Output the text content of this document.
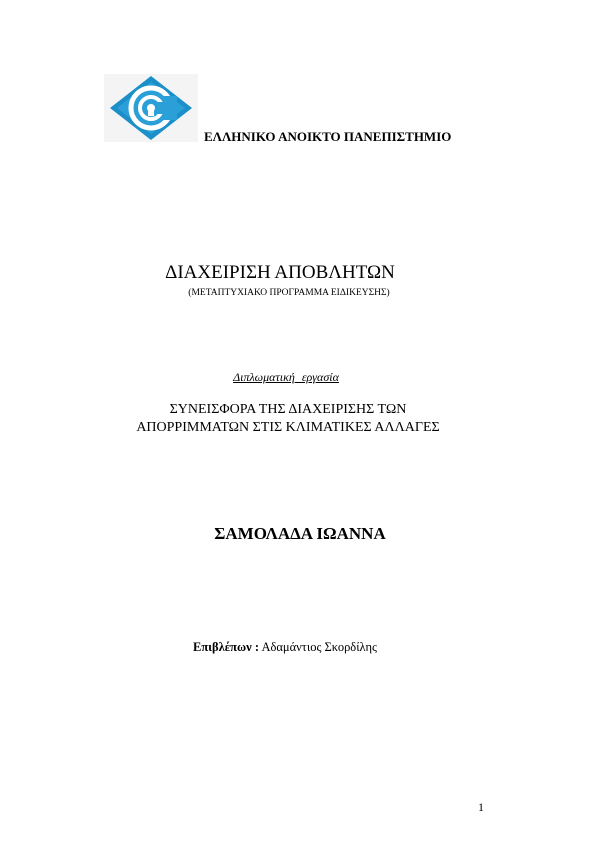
ΕΛΛΗΝΙΚΟ ΑΝΟΙΚΤΟ ΠΑΝΕΠΙΣΤΗΜΙΟ
ΔΙΑΧΕΙΡΙΣΗ ΑΠΟΒΛΗΤΩΝ
(ΜΕΤΑΠΤΥΧΙΑΚΟ ΠΡΟΓΡΑΜΜΑ ΕΙΔΙΚΕΥΣΗΣ)
Διπλωματική εργασία
ΣΥΝΕΙΣΦΟΡΑ ΤΗΣ ΔΙΑΧΕΙΡΙΣΗΣ ΤΩΝ
ΑΠΟΡΡΙΜΜΑΤΩΝ ΣΤΙΣ ΚΛΙΜΑΤΙΚΕΣ ΑΛΛΑΓΕΣ
ΣΑΜΟΛΑΔΑ ΙΩΑΝΝΑ
Επιβλέπων : Αδαμάντιος Σκορδίλης
1
